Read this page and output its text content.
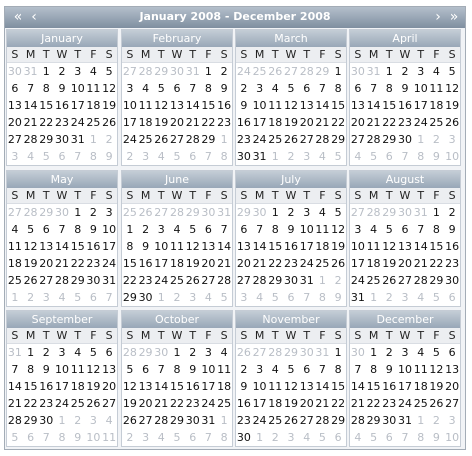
« ‹	January 2008 - December 2008	› »
January
S M T W T F S
30 31 1 2 3 4 5
6 7 8 9 10 11 12
13 14 15 16 17 18 19
20 21 22 23 24 25 26
27 28 29 30 31 1 2
3 4 5 6 7 8 9
February
S M T W T F S
27 28 29 30 31 1 2
3 4 5 6 7 8 9
10 11 12 13 14 15 16
17 18 19 20 21 22 23
24 25 26 27 28 29 1
2 3 4 5 6 7 8
March
S M T W T F S
24 25 26 27 28 29 1
2 3 4 5 6 7 8
9 10 11 12 13 14 15
16 17 18 19 20 21 22
23 24 25 26 27 28 29
30 31 1 2 3 4 5
April
S M T W T F S
30 31 1 2 3 4 5
6 7 8 9 10 11 12
13 14 15 16 17 18 19
20 21 22 23 24 25 26
27 28 29 30 1 2 3
4 5 6 7 8 9 10
May
S M T W T F S
27 28 29 30 1 2 3
4 5 6 7 8 9 10
11 12 13 14 15 16 17
18 19 20 21 22 23 24
25 26 27 28 29 30 31
1 2 3 4 5 6 7
June
S M T W T F S
25 26 27 28 29 30 31
1 2 3 4 5 6 7
8 9 10 11 12 13 14
15 16 17 18 19 20 21
22 23 24 25 26 27 28
29 30 1 2 3 4 5
July
S M T W T F S
29 30 1 2 3 4 5
6 7 8 9 10 11 12
13 14 15 16 17 18 19
20 21 22 23 24 25 26
27 28 29 30 31 1 2
3 4 5 6 7 8 9
August
S M T W T F S
27 28 29 30 31 1 2
3 4 5 6 7 8 9
10 11 12 13 14 15 16
17 18 19 20 21 22 23
24 25 26 27 28 29 30
31 1 2 3 4 5 6
September
S M T W T F S
31 1 2 3 4 5 6
7 8 9 10 11 12 13
14 15 16 17 18 19 20
21 22 23 24 25 26 27
28 29 30 1 2 3 4
5 6 7 8 9 10 11
October
S M T W T F S
28 29 30 1 2 3 4
5 6 7 8 9 10 11
12 13 14 15 16 17 18
19 20 21 22 23 24 25
26 27 28 29 30 31 1
2 3 4 5 6 7 8
November
S M T W T F S
26 27 28 29 30 31 1
2 3 4 5 6 7 8
9 10 11 12 13 14 15
16 17 18 19 20 21 22
23 24 25 26 27 28 29
30 1 2 3 4 5 6
December
S M T W T F S
30 1 2 3 4 5 6
7 8 9 10 11 12 13
14 15 16 17 18 19 20
21 22 23 24 25 26 27
28 29 30 31 1 2 3
4 5 6 7 8 9 10
